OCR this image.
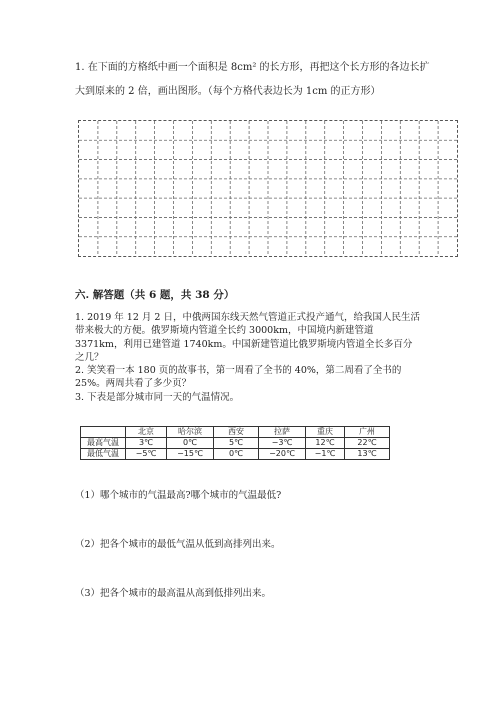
1. 在下面的方格纸中画一个面积是 8cm² 的长方形，再把这个长方形的各边长扩
大到原来的 2 倍，画出图形。（每个方格代表边长为 1cm 的正方形）
六. 解答题（共 6 题，共 38 分）

1. 2019 年 12 月 2 日，中俄两国东线天然气管道正式投产通气，给我国人民生活带来极大的方便。俄罗斯境内管道全长约 3000km，中国境内新建管道 3371km，利用已建管道 1740km。中国新建管道比俄罗斯境内管道全长多百分之几？

2. 笑笑看一本 180 页的故事书，第一周看了全书的 40%，第二周看了全书的 25%。两周共看了多少页？

3. 下表是部分城市同一天的气温情况。

	北京	哈尔滨	西安	拉萨	重庆	广州
最高气温	3℃	0℃	5℃	−3℃	12℃	22℃
最低气温	−5℃	−15℃	0℃	−20℃	−1℃	13℃
（1）哪个城市的气温最高?哪个城市的气温最低?
（2）把各个城市的最低气温从低到高排列出来。
（3）把各个城市的最高温从高到低排列出来。
